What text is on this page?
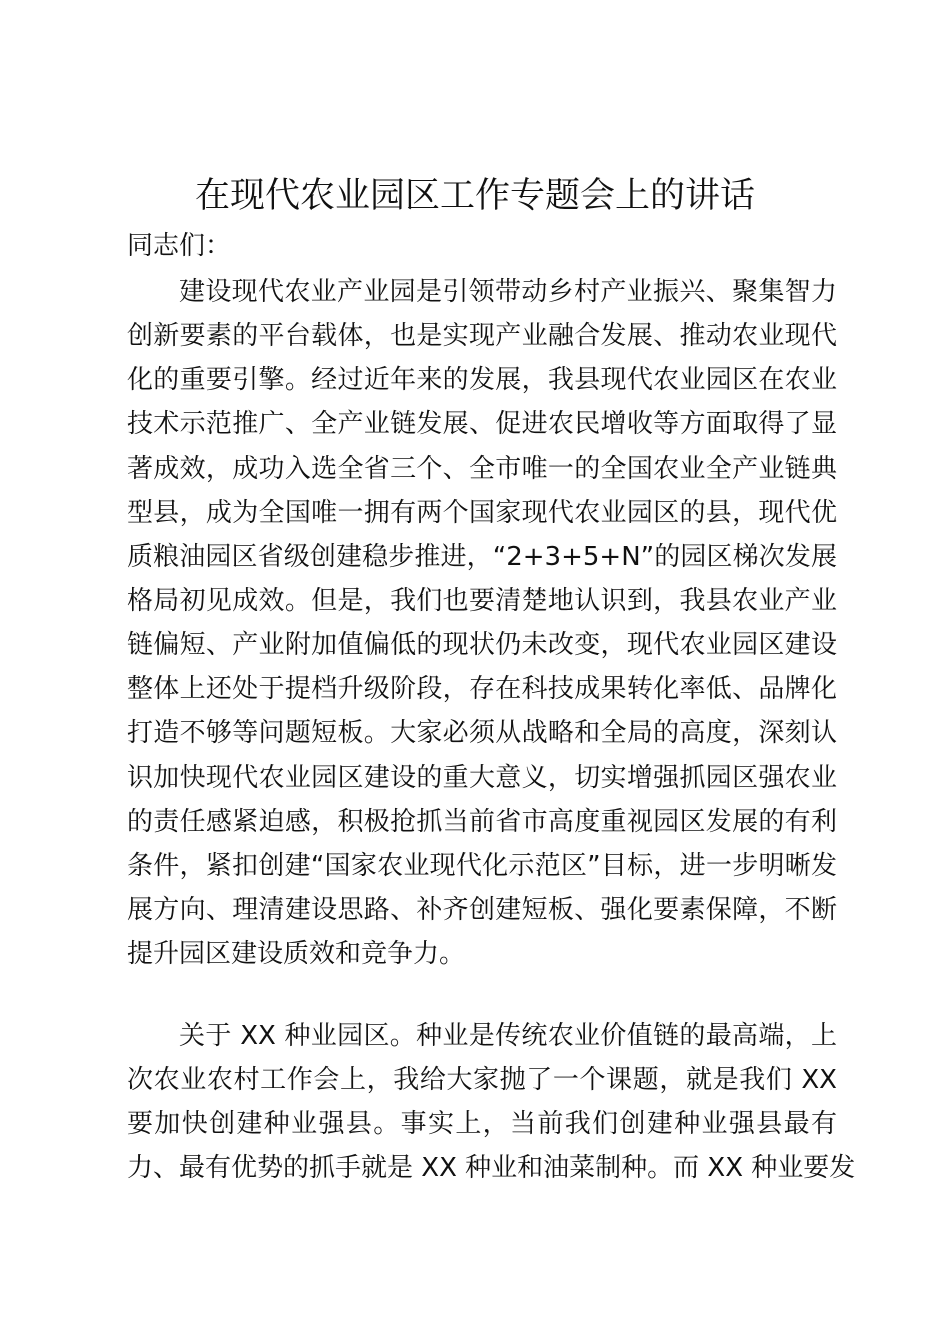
在现代农业园区工作专题会上的讲话
同志们：
建设现代农业产业园是引领带动乡村产业振兴、聚集智力
创新要素的平台载体，也是实现产业融合发展、推动农业现代
化的重要引擎。经过近年来的发展，我县现代农业园区在农业
技术示范推广、全产业链发展、促进农民增收等方面取得了显
著成效，成功入选全省三个、全市唯一的全国农业全产业链典
型县，成为全国唯一拥有两个国家现代农业园区的县，现代优
质粮油园区省级创建稳步推进，“2+3+5+N”的园区梯次发展
格局初见成效。但是，我们也要清楚地认识到，我县农业产业
链偏短、产业附加值偏低的现状仍未改变，现代农业园区建设
整体上还处于提档升级阶段，存在科技成果转化率低、品牌化
打造不够等问题短板。大家必须从战略和全局的高度，深刻认
识加快现代农业园区建设的重大意义，切实增强抓园区强农业
的责任感紧迫感，积极抢抓当前省市高度重视园区发展的有利
条件，紧扣创建“国家农业现代化示范区”目标，进一步明晰发
展方向、理清建设思路、补齐创建短板、强化要素保障，不断
提升园区建设质效和竞争力。
关于 XX 种业园区。种业是传统农业价值链的最高端，上
次农业农村工作会上，我给大家抛了一个课题，就是我们 XX
要加快创建种业强县。事实上，当前我们创建种业强县最有
力、最有优势的抓手就是 XX 种业和油菜制种。而 XX 种业要发
